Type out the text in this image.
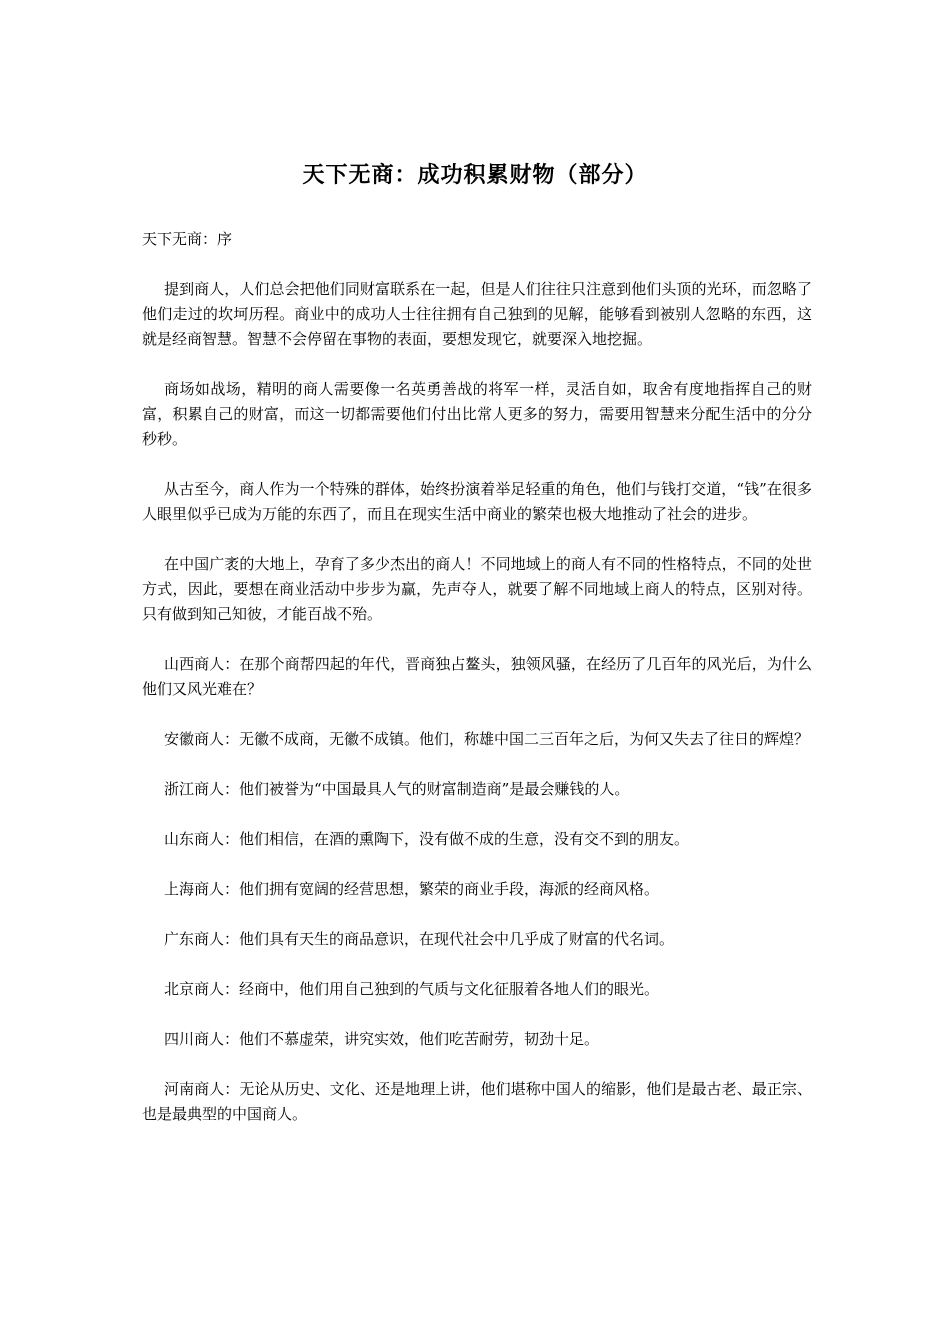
天下无商：成功积累财物（部分）

天下无商：序

提到商人，人们总会把他们同财富联系在一起，但是人们往往只注意到他们头顶的光环，而忽略了他们走过的坎坷历程。商业中的成功人士往往拥有自己独到的见解，能够看到被别人忽略的东西，这就是经商智慧。智慧不会停留在事物的表面，要想发现它，就要深入地挖掘。

商场如战场，精明的商人需要像一名英勇善战的将军一样，灵活自如，取舍有度地指挥自己的财富，积累自己的财富，而这一切都需要他们付出比常人更多的努力，需要用智慧来分配生活中的分分秒秒。

从古至今，商人作为一个特殊的群体，始终扮演着举足轻重的角色，他们与钱打交道，“钱”在很多人眼里似乎已成为万能的东西了，而且在现实生活中商业的繁荣也极大地推动了社会的进步。

在中国广袤的大地上，孕育了多少杰出的商人！不同地域上的商人有不同的性格特点，不同的处世方式，因此，要想在商业活动中步步为赢，先声夺人，就要了解不同地域上商人的特点，区别对待。只有做到知己知彼，才能百战不殆。

山西商人：在那个商帮四起的年代，晋商独占鳌头，独领风骚，在经历了几百年的风光后，为什么他们又风光难在？

安徽商人：无徽不成商，无徽不成镇。他们，称雄中国二三百年之后，为何又失去了往日的辉煌？

浙江商人：他们被誉为“中国最具人气的财富制造商”是最会赚钱的人。

山东商人：他们相信，在酒的熏陶下，没有做不成的生意，没有交不到的朋友。

上海商人：他们拥有宽阔的经营思想，繁荣的商业手段，海派的经商风格。

广东商人：他们具有天生的商品意识，在现代社会中几乎成了财富的代名词。

北京商人：经商中，他们用自己独到的气质与文化征服着各地人们的眼光。

四川商人：他们不慕虚荣，讲究实效，他们吃苦耐劳，韧劲十足。

河南商人：无论从历史、文化、还是地理上讲，他们堪称中国人的缩影，他们是最古老、最正宗、也是最典型的中国商人。
